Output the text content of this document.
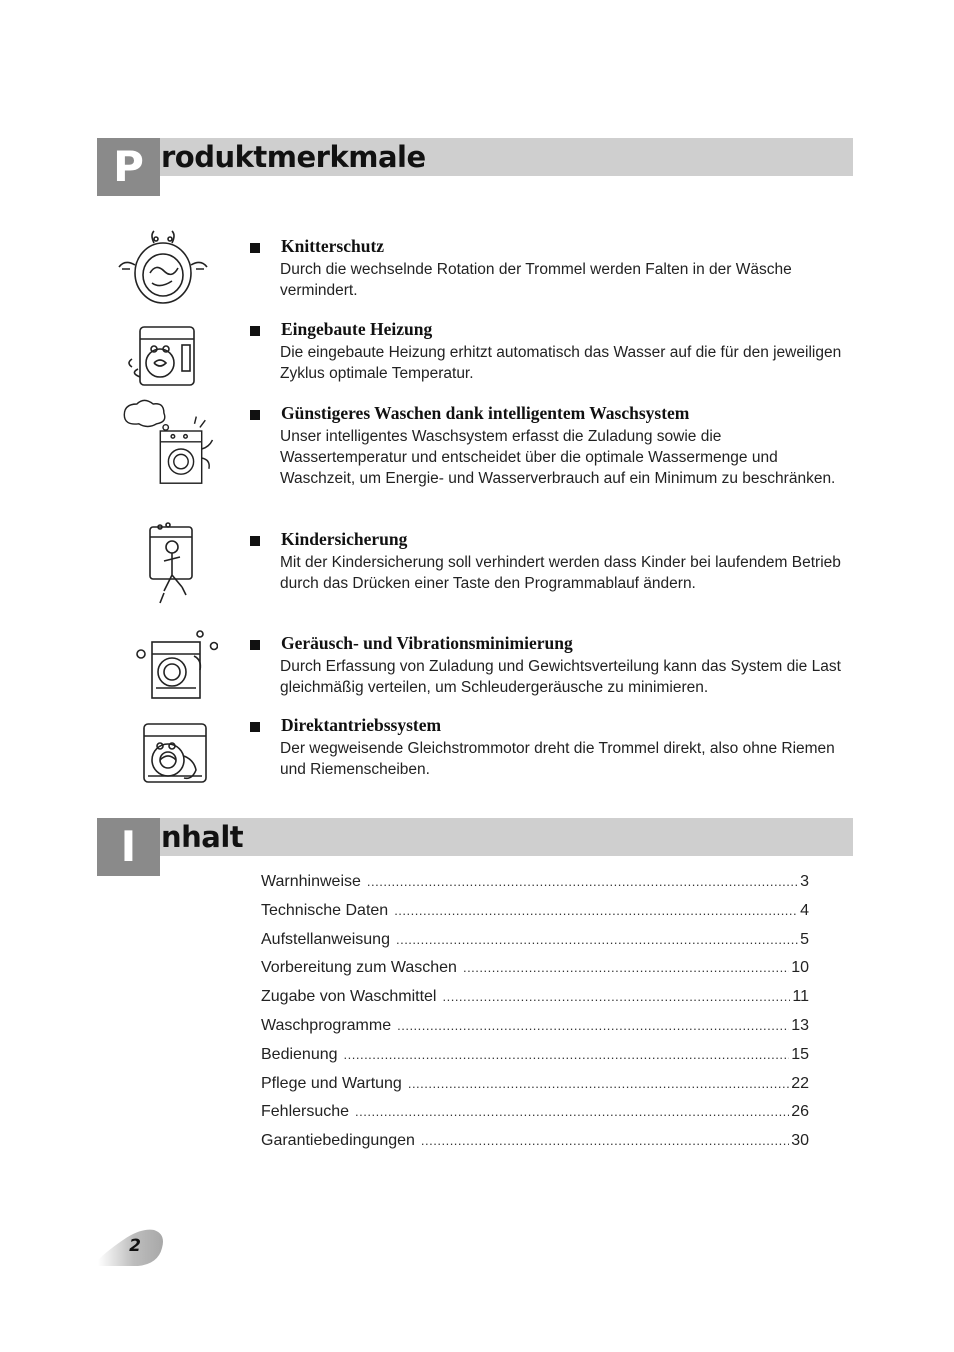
P roduktmerkmale
Knitterschutz
Durch die wechselnde Rotation der Trommel werden Falten in der Wäsche vermindert.
Eingebaute Heizung
Die eingebaute Heizung erhitzt automatisch das Wasser auf die für den jeweiligen Zyklus optimale Temperatur.
Günstigeres Waschen dank intelligentem Waschsystem
Unser intelligentes Waschsystem erfasst die Zuladung sowie die Wassertemperatur und entscheidet über die optimale Wassermenge und Waschzeit, um Energie- und Wasserverbrauch auf ein Minimum zu beschränken.
Kindersicherung
Mit der Kindersicherung soll verhindert werden dass Kinder bei laufendem Betrieb durch das Drücken einer Taste den Programmablauf ändern.
Geräusch- und Vibrationsminimierung
Durch Erfassung von Zuladung und Gewichtsverteilung kann das System die Last gleichmäßig verteilen, um Schleudergeräusche zu minimieren.
Direktantriebssystem
Der wegweisende Gleichstrommotor dreht die Trommel direkt, also ohne Riemen und Riemenscheiben.
I nhalt
Warnhinweise .....	3
Technische Daten .....	4
Aufstellanweisung .....	5
Vorbereitung zum Waschen .....	10
Zugabe von Waschmittel .....	11
Waschprogramme .....	13
Bedienung .....	15
Pflege und Wartung .....	22
Fehlersuche .....	26
Garantiebedingungen .....	30
2
